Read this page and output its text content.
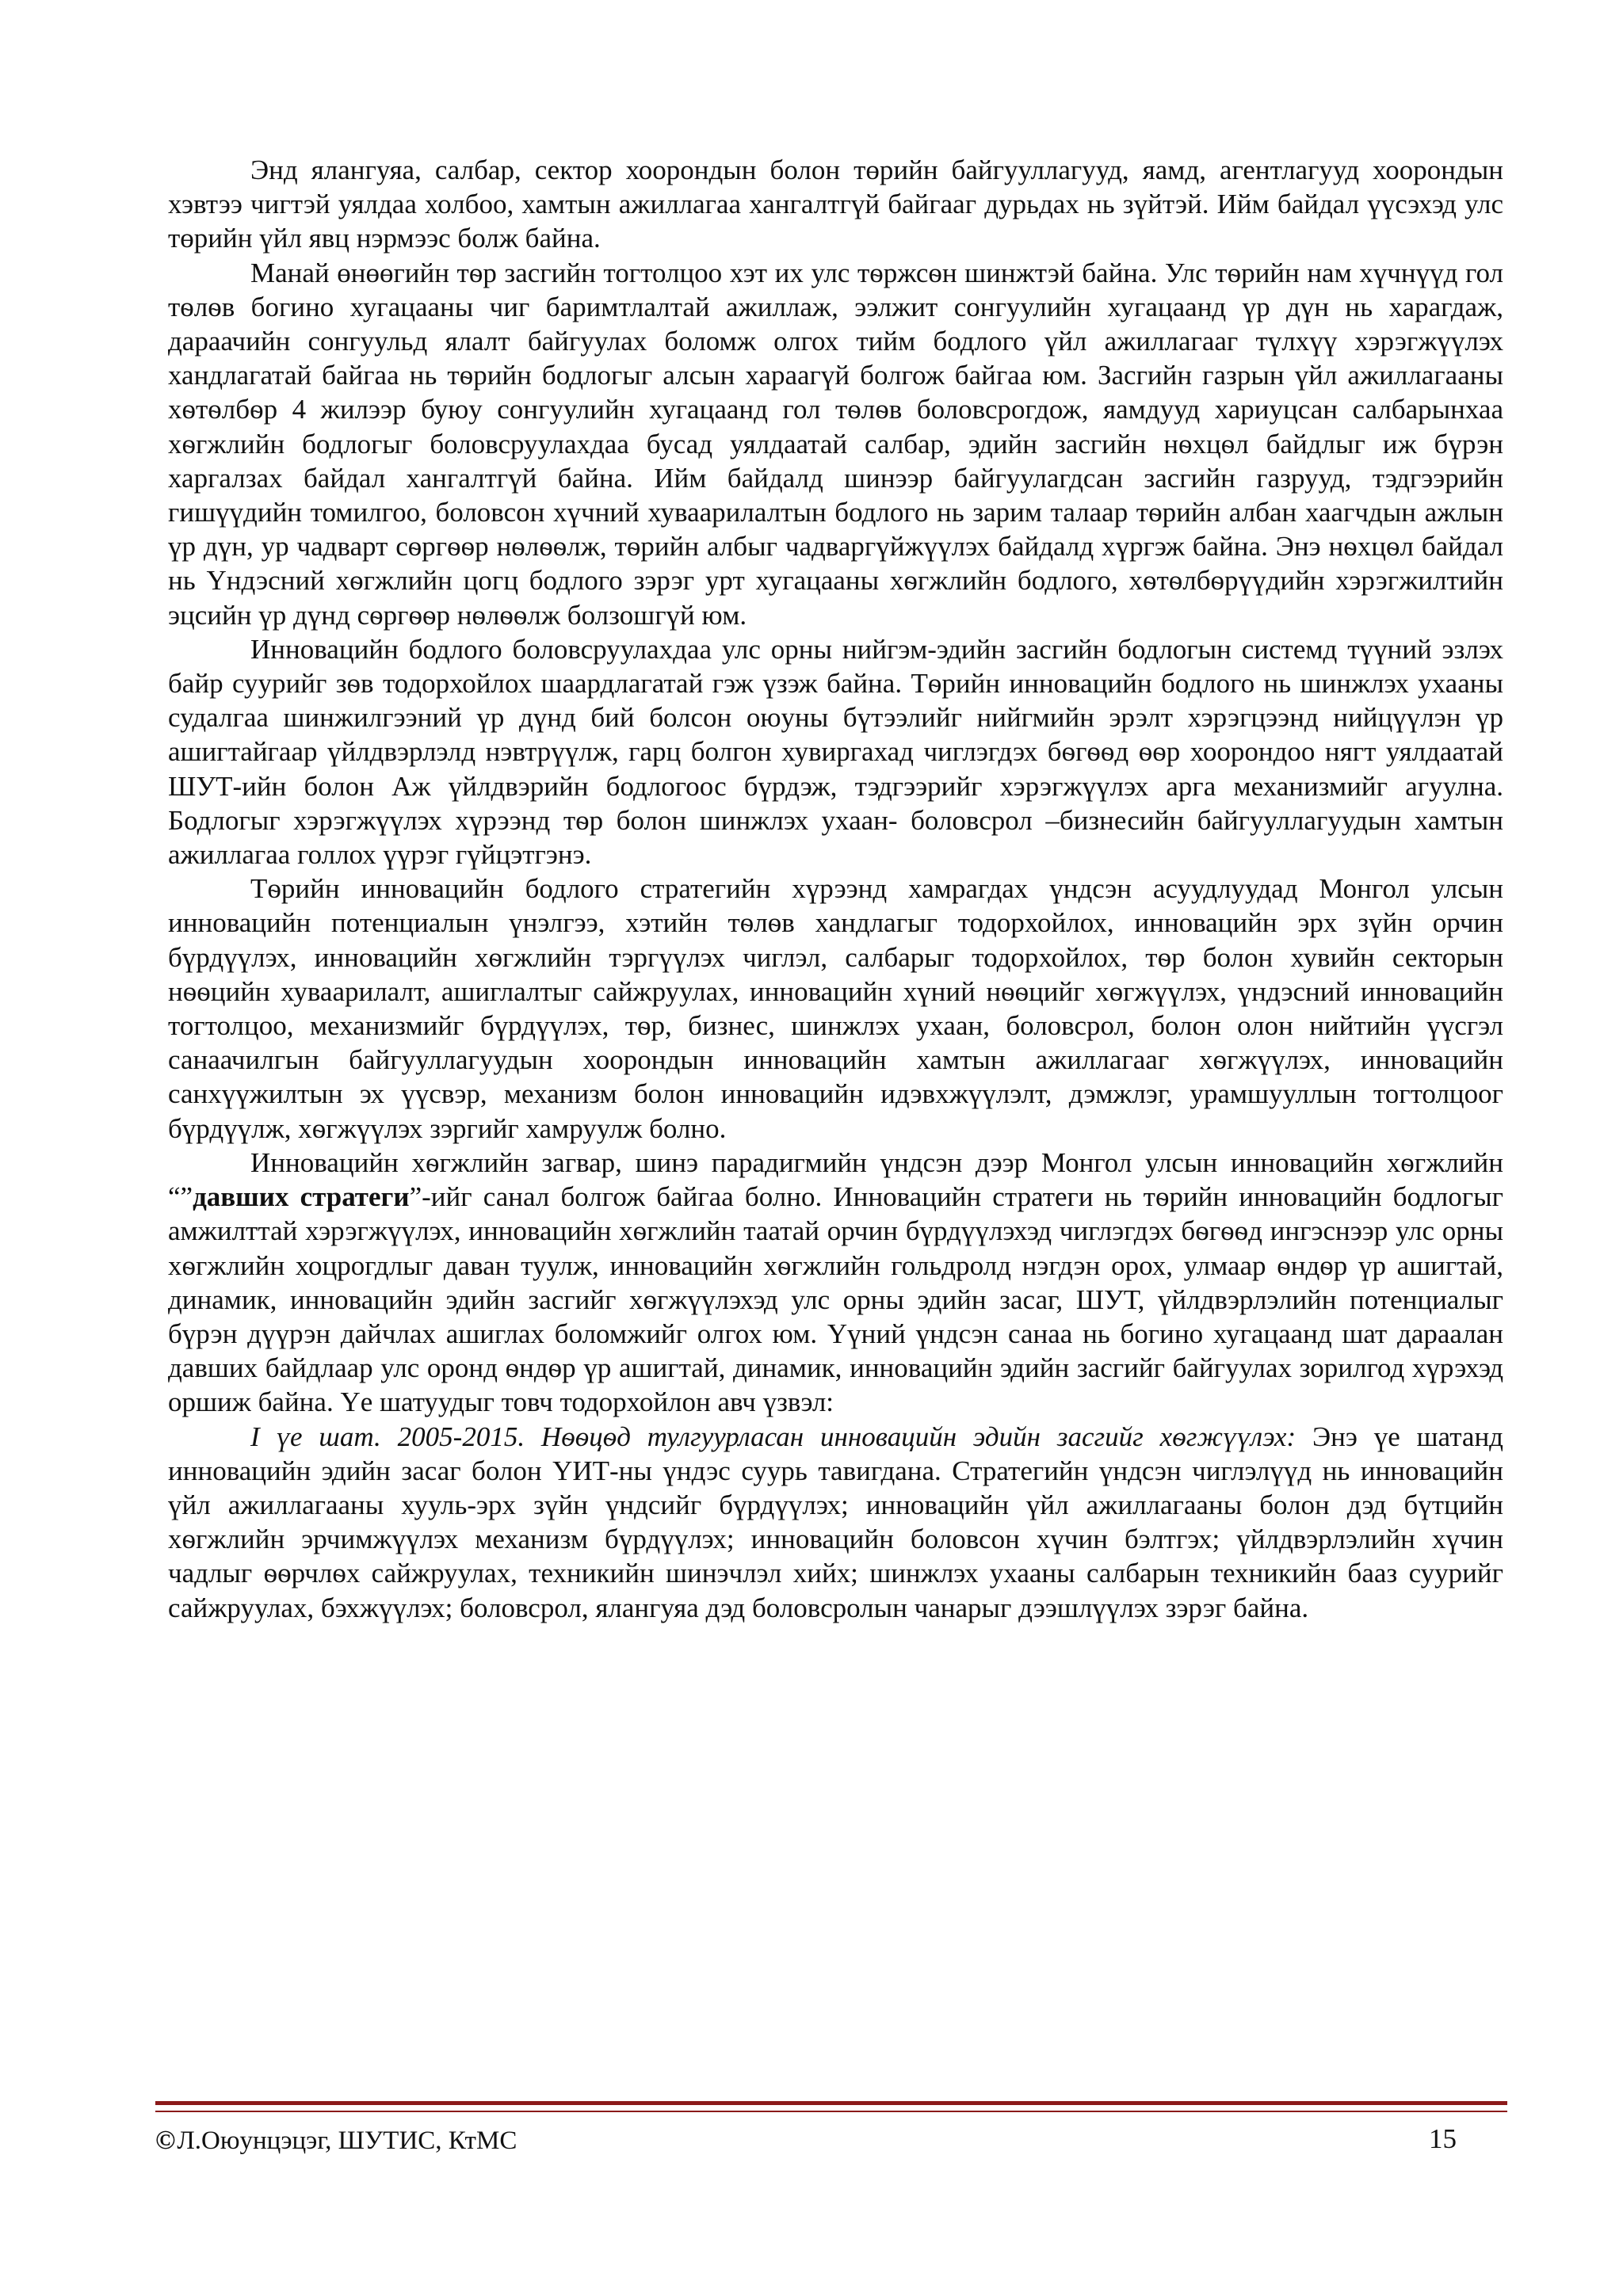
Энд ялангуяа, салбар, сектор хоорондын болон төрийн байгууллагууд, яамд, агентлагууд хоорондын хэвтээ чигтэй уялдаа холбоо, хамтын ажиллагаа хангалтгүй байгааг дурьдах нь зүйтэй. Ийм байдал үүсэхэд улс төрийн үйл явц нэрмээс болж байна.

Манай өнөөгийн тѳр засгийн тогтолцоо хэт их улс тѳржсѳн шинжтэй байна. Улс тѳрийн нам хүчнүүд гол тѳлѳв богино хугацааны чиг баримтлалтай ажиллаж, ээлжит сонгуулийн хугацаанд үр дүн нь харагдаж, дараачийн сонгуульд ялалт байгуулах боломж олгох тийм бодлого үйл ажиллагааг түлхүү хэрэгжүүлэх хандлагатай байгаа нь тѳрийн бодлогыг алсын хараагүй болгож байгаа юм. Засгийн газрын үйл ажиллагааны хѳтѳлбѳр 4 жилээр буюу сонгуулийн хугацаанд гол тѳлѳв боловсрогдож, яамдууд хариуцсан салбарынхаа хѳгжлийн бодлогыг боловсруулахдаа бусад уялдаатай салбар, эдийн засгийн нѳхцѳл байдлыг иж бүрэн харгалзах байдал хангалтгүй байна. Ийм байдалд шинээр байгуулагдсан засгийн газрууд, тэдгээрийн гишүүдийн томилгоо, боловсон хүчний хуваарилалтын бодлого нь зарим талаар тѳрийн албан хаагчдын ажлын үр дүн, ур чадварт сѳргѳѳр нѳлѳѳлж, тѳрийн албыг чадваргүйжүүлэх байдалд хүргэж байна. Энэ нѳхцѳл байдал нь Үндэсний хѳгжлийн цогц бодлого зэрэг урт хугацааны хѳгжлийн бодлого, хѳтѳлбѳрүүдийн хэрэгжилтийн эцсийн үр дүнд сѳргѳѳр нѳлѳѳлж болзошгүй юм.

Инновацийн бодлого боловсруулахдаа улс орны нийгэм-эдийн засгийн бодлогын системд түүний эзлэх байр суурийг зѳв тодорхойлох шаардлагатай гэж үзэж байна. Тѳрийн инновацийн бодлого нь шинжлэх ухааны судалгаа шинжилгээний үр дүнд бий болсон оюуны бүтээлийг нийгмийн эрэлт хэрэгцээнд нийцүүлэн үр ашигтайгаар үйлдвэрлэлд нэвтрүүлж, гарц болгон хувиргахад чиглэгдэх бѳгѳѳд ѳѳр хоорондоо нягт уялдаатай ШУТ-ийн болон Аж үйлдвэрийн бодлогоос бүрдэж, тэдгээрийг хэрэгжүүлэх арга механизмийг агуулна. Бодлогыг хэрэгжүүлэх хүрээнд тѳр болон шинжлэх ухаан- боловсрол –бизнесийн байгууллагуудын хамтын ажиллагаа голлох үүрэг гүйцэтгэнэ.

Тѳрийн инновацийн бодлого стратегийн хүрээнд хамрагдах үндсэн асуудлуудад Монгол улсын инновацийн потенциалын үнэлгээ, хэтийн тѳлѳв хандлагыг тодорхойлох, инновацийн эрх зүйн орчин бүрдүүлэх, инновацийн хѳгжлийн тэргүүлэх чиглэл, салбарыг тодорхойлох, тѳр болон хувийн секторын нѳѳцийн хуваарилалт, ашиглалтыг сайжруулах, инновацийн хүний нѳѳцийг хѳгжүүлэх, үндэсний инновацийн тогтолцоо, механизмийг бүрдүүлэх, тѳр, бизнес, шинжлэх ухаан, боловсрол, болон олон нийтийн үүсгэл санаачилгын байгууллагуудын хоорондын инновацийн хамтын ажиллагааг хѳгжүүлэх, инновацийн санхүүжилтын эх үүсвэр, механизм болон инновацийн идэвхжүүлэлт, дэмжлэг, урамшууллын тогтолцоог бүрдүүлж, хѳгжүүлэх зэргийг хамруулж болно.

Инновацийн хѳгжлийн загвар, шинэ парадигмийн үндсэн дээр Монгол улсын инновацийн хѳгжлийн “”давших стратеги”-ийг санал болгож байгаа болно. Инновацийн стратеги нь тѳрийн инновацийн бодлогыг амжилттай хэрэгжүүлэх, инновацийн хѳгжлийн таатай орчин бүрдүүлэхэд чиглэгдэх бѳгѳѳд ингэснээр улс орны хѳгжлийн хоцрогдлыг даван туулж, инновацийн хѳгжлийн гольдролд нэгдэн орох, улмаар ѳндѳр үр ашигтай, динамик, инновацийн эдийн засгийг хѳгжүүлэхэд улс орны эдийн засаг, ШУТ, үйлдвэрлэлийн потенциалыг бүрэн дүүрэн дайчлах ашиглах боломжийг олгох юм. Үүний үндсэн санаа нь богино хугацаанд шат дараалан давших байдлаар улс оронд ѳндѳр үр ашигтай, динамик, инновацийн эдийн засгийг байгуулах зорилгод хүрэхэд оршиж байна. Үе шатуудыг товч тодорхойлон авч үзвэл:

I үе шат. 2005-2015. Нѳѳцѳд тулгуурласан инновацийн эдийн засгийг хѳгжүүлэх: Энэ үе шатанд инновацийн эдийн засаг болон ҮИТ-ны үндэс суурь тавигдана. Стратегийн үндсэн чиглэлүүд нь инновацийн үйл ажиллагааны хууль-эрх зүйн үндсийг бүрдүүлэх; инновацийн үйл ажиллагааны болон дэд бүтцийн хѳгжлийн эрчимжүүлэх механизм бүрдүүлэх; инновацийн боловсон хүчин бэлтгэх; үйлдвэрлэлийн хүчин чадлыг ѳѳрчлѳх сайжруулах, техникийн шинэчлэл хийх; шинжлэх ухааны салбарын техникийн бааз суурийг сайжруулах, бэхжүүлэх; боловсрол, ялангуяа дэд боловсролын чанарыг дээшлүүлэх зэрэг байна.

©Л.Оюунцэцэг, ШУТИС, КтМС	15
